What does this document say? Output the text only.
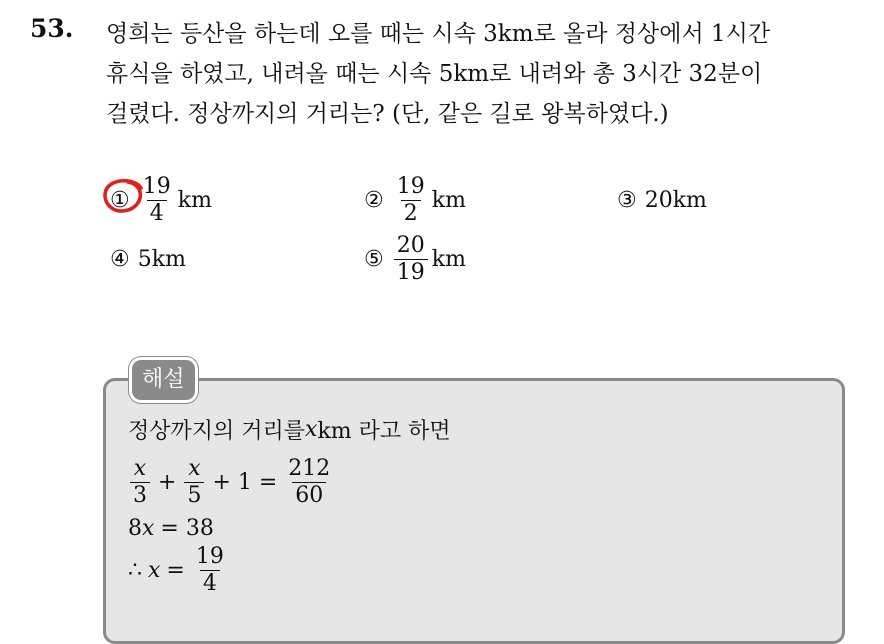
53. 영희는 등산을 하는데 오를 때는 시속 3km로 올라 정상에서 1시간
휴식을 하였고, 내려올 때는 시속 5km로 내려와 총 3시간 32분이
걸렸다. 정상까지의 거리는? (단, 같은 길로 왕복하였다.)
① $\frac{19}{4}$ km	② $\frac{19}{2}$ km	③ 20km
④ 5km	⑤ $\frac{20}{19}$ km
해설
정상까지의 거리를 x km 라고 하면
$\frac{x}{3} + \frac{x}{5} + 1 = \frac{212}{60}$
8 x = 38
∴ $x = \frac{19}{4}$
